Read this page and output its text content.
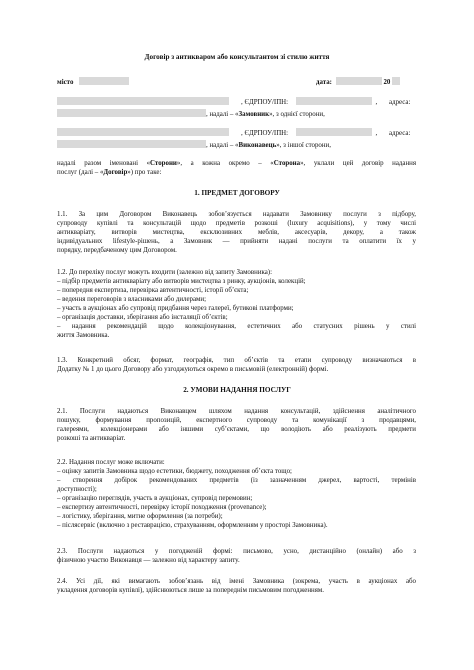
Договір з антикваром або консультантом зі стилю життя
місто	дата:	20
, ЄДРПОУ/ІПН:	, адреса:
, надалі – «Замовник», з однієї сторони,
, ЄДРПОУ/ІПН:	, адреса:
, надалі – «Виконавець», з іншої сторони,
надалі разом іменовані «Сторони», а кожна окремо – «Сторона», уклали цей договір надання
послуг (далі – «Договір») про таке:
1. ПРЕДМЕТ ДОГОВОРУ
1.1. За цим Договором Виконавець зобов’язується надавати Замовнику послуги з підбору,
супроводу купівлі та консультацій щодо предметів розкоші (luxury acquisitions), у тому числі
антикваріату, витворів мистецтва, ексклюзивних меблів, аксесуарів, декору, а також
індивідуальних lifestyle-рішень, а Замовник — прийняти надані послуги та оплатити їх у
порядку, передбаченому цим Договором.
1.2. До переліку послуг можуть входити (залежно від запиту Замовника):
– підбір предметів антикваріату або витворів мистецтва з ринку, аукціонів, колекцій;
– попередня експертиза, перевірка автентичності, історії об’єкта;
– ведення переговорів з власниками або дилерами;
– участь в аукціонах або супровід придбання через галереї, бутикові платформи;
– організація доставки, зберігання або інсталяції об’єктів;
– надання рекомендацій щодо колекціонування, естетичних або статусних рішень у стилі
життя Замовника.
1.3. Конкретний обсяг, формат, географія, тип об’єктів та етапи супроводу визначаються в
Додатку № 1 до цього Договору або узгоджуються окремо в письмовій (електронній) формі.
2. УМОВИ НАДАННЯ ПОСЛУГ
2.1. Послуги надаються Виконавцем шляхом надання консультацій, здійснення аналітичного
пошуку, формування пропозицій, експертного супроводу та комунікації з продавцями,
галереями, колекціонерами або іншими суб’єктами, що володіють або реалізують предмети
розкоші та антикваріат.
2.2. Надання послуг може включати:
– оцінку запитів Замовника щодо естетики, бюджету, походження об’єкта тощо;
– створення добірок рекомендованих предметів (із зазначенням джерел, вартості, термінів
доступності);
– організацію переглядів, участь в аукціонах, супровід перемовин;
– експертизу автентичності, перевірку історії походження (provenance);
– логістику, зберігання, митне оформлення (за потреби);
– післясервіс (включно з реставрацією, страхуванням, оформленням у просторі Замовника).
2.3. Послуги надаються у погодженій формі: письмово, усно, дистанційно (онлайн) або з
фізичною участю Виконавця — залежно від характеру запиту.
2.4. Усі дії, які вимагають зобов’язань від імені Замовника (зокрема, участь в аукціонах або
укладення договорів купівлі), здійснюються лише за попереднім письмовим погодженням.
